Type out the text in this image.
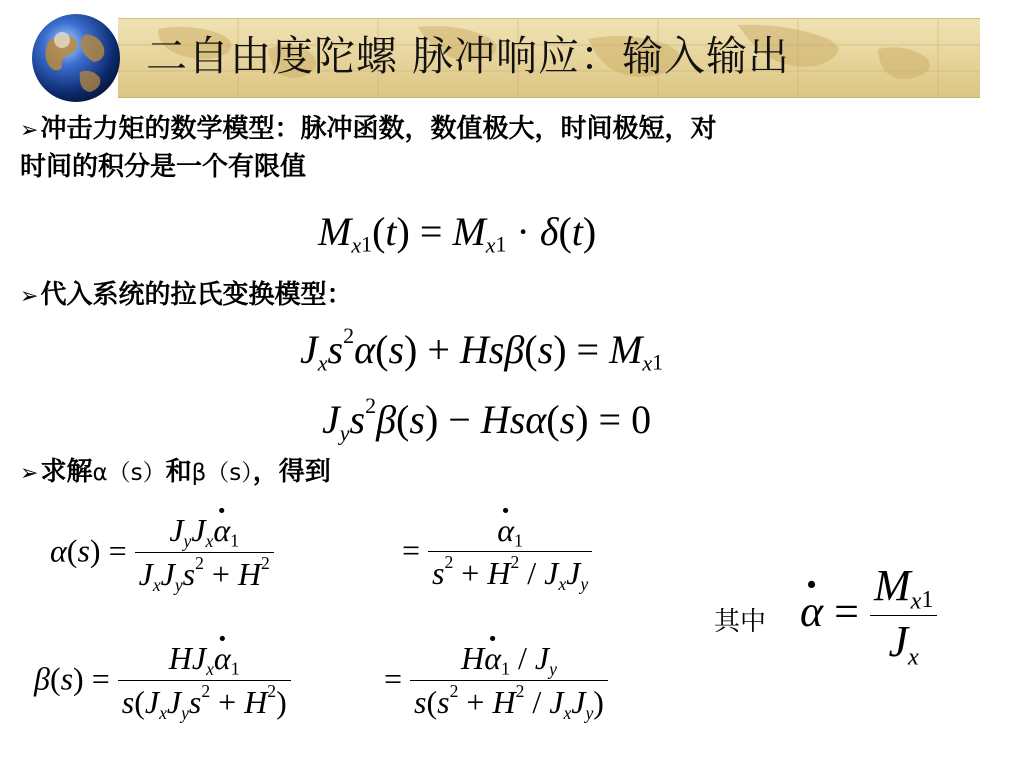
二自由度陀螺 脉冲响应：输入输出
➢冲击力矩的数学模型：脉冲函数，数值极大，时间极短，对
时间的积分是一个有限值
$M_x1(t) = M_x1 \cdot \delta(t)$
➢代入系统的拉氏变换模型：
$J_xs^2\alpha(s) + Hs\beta(s) = M_x1$
$J_ys^2\beta(s) - Hs\alpha(s) = 0$
➢求解α（s）和β（s），得到
$\alpha(s) = \frac{J_yJ_x\cdot \alpha 1}{J_xJ_ys^2 + H^2}$	= · $\frac{\alpha 1}{s^2 + H^2 / J_xJ_y}$
$\beta(s) = \frac{HJ_x\cdot \alpha 1}{s(J_xJ_ys^2 + H^2)}$	= $\frac{H\cdot \alpha 1 / J_y}{s(s^2 + H^2 / J_xJ_y)}$
其中 · $\alpha = \frac{M_x1}{J_x}$
